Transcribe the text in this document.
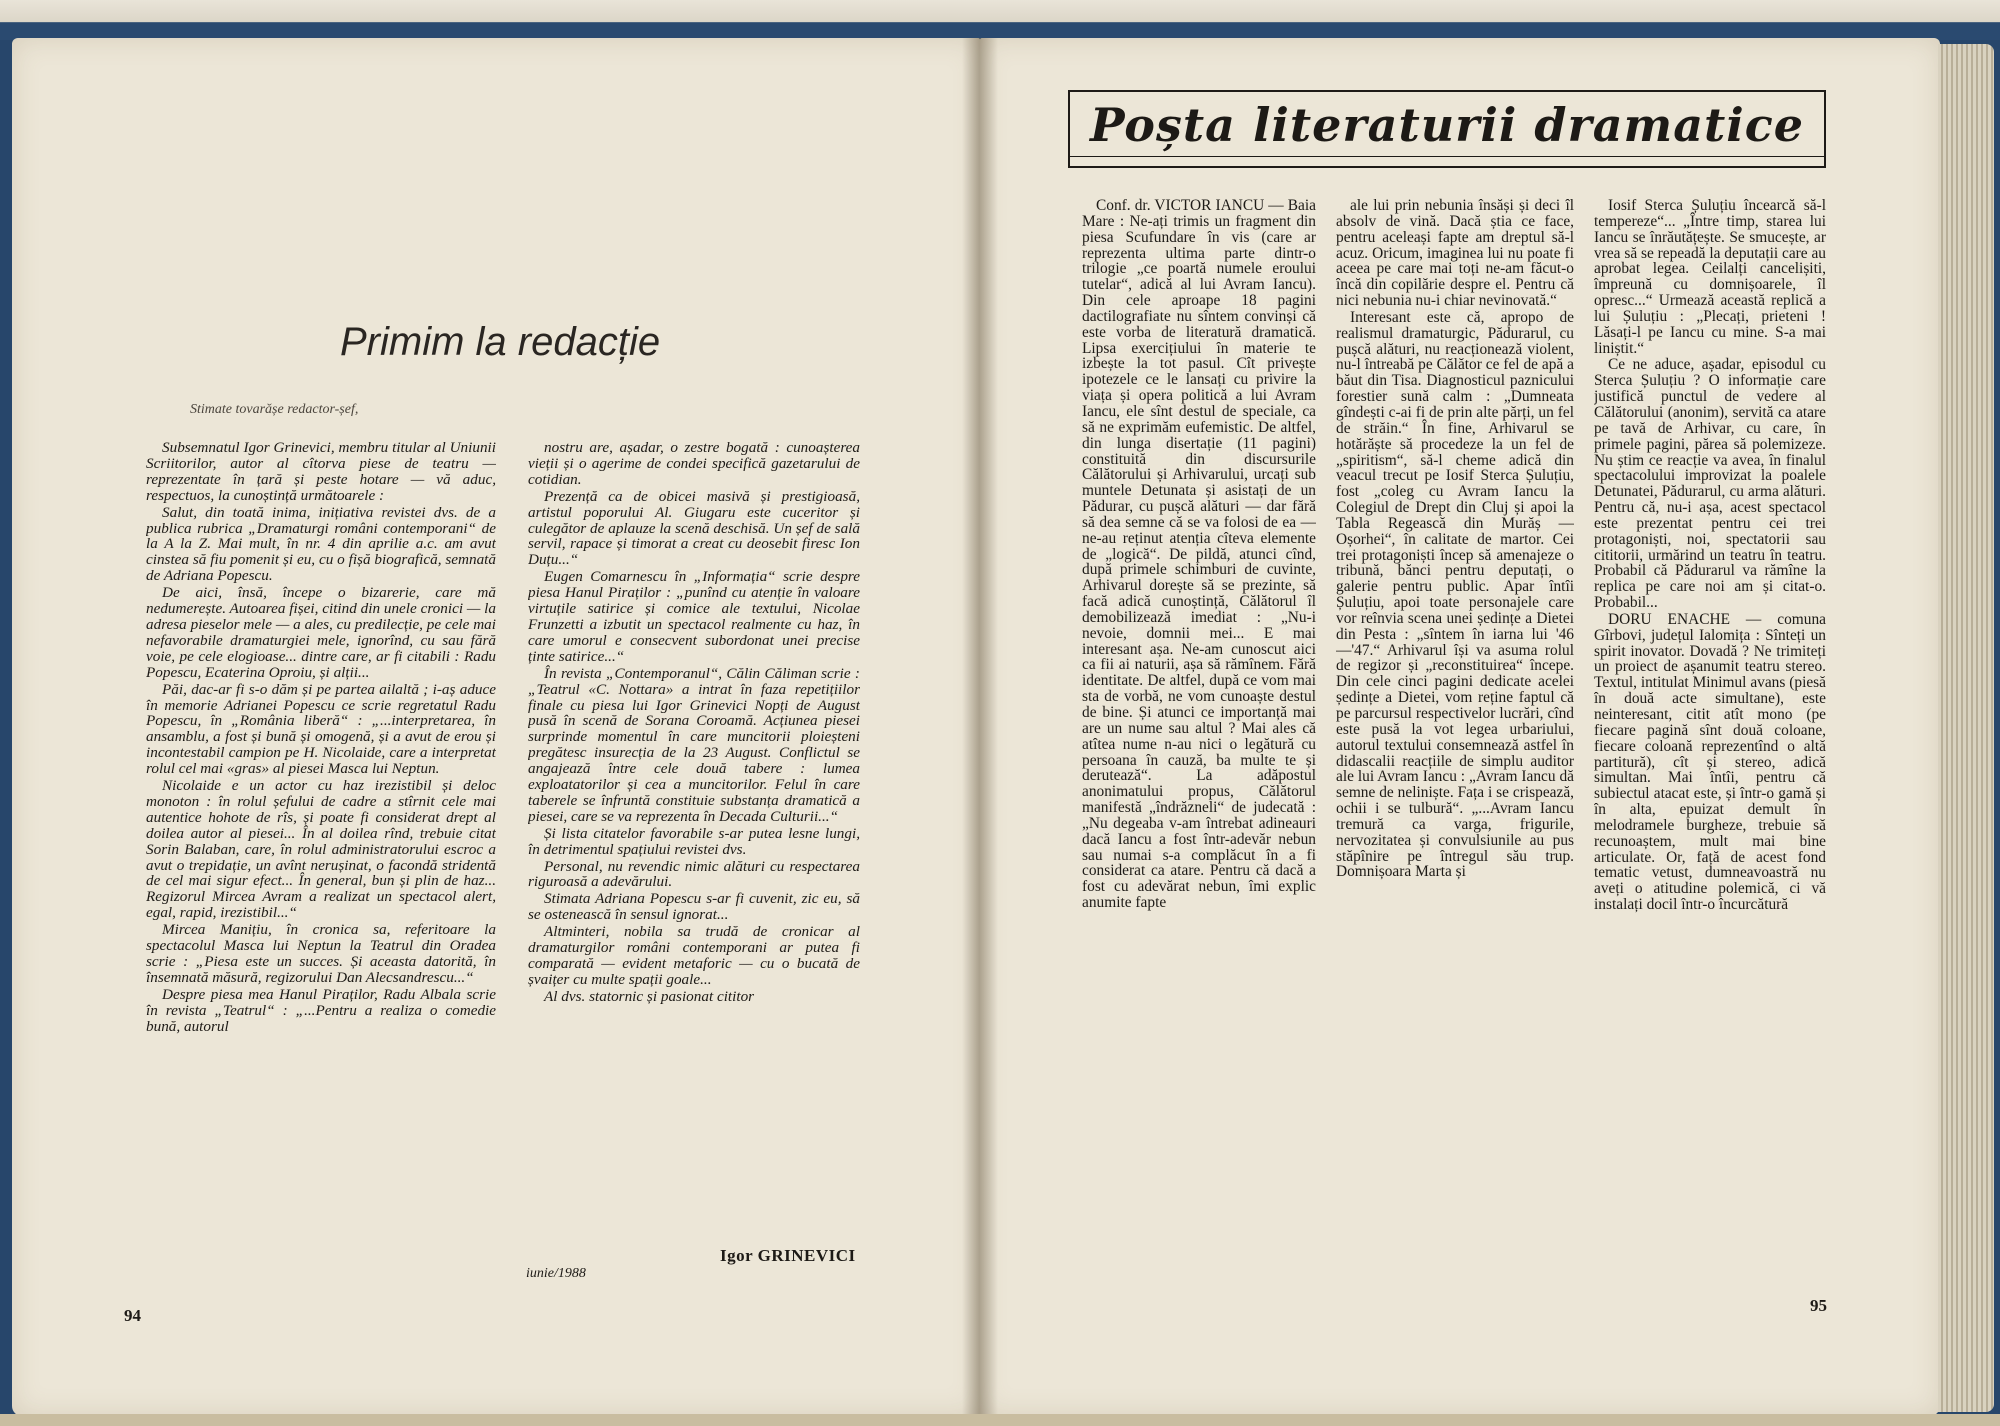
Primim la redacție
Stimate tovarășe redactor-șef,

Subsemnatul Igor Grinevici, membru titular al Uniunii Scriitorilor, autor al cîtorva piese de teatru — reprezentate în țară și peste hotare — vă aduc, respectuos, la cunoștință următoarele :

Salut, din toată inima, inițiativa revistei dvs. de a publica rubrica „Dramaturgi români contemporani“ de la A la Z. Mai mult, în nr. 4 din aprilie a.c. am avut cinstea să fiu pomenit și eu, cu o fișă biografică, semnată de Adriana Popescu.

De aici, însă, începe o bizarerie, care mă nedumerește. Autoarea fișei, citind din unele cronici — la adresa pieselor mele — a ales, cu predilecție, pe cele mai nefavorabile dramaturgiei mele, ignorînd, cu sau fără voie, pe cele elogioase... dintre care, ar fi citabili : Radu Popescu, Ecaterina Oproiu, și alții...

Păi, dac-ar fi s-o dăm și pe partea ailaltă ; i-aș aduce în memorie Adrianei Popescu ce scrie regretatul Radu Popescu, în „România liberă“ : „...interpretarea, în ansamblu, a fost și bună și omogenă, și a avut de erou și incontestabil campion pe H. Nicolaide, care a interpretat rolul cel mai «gras» al piesei Masca lui Neptun.

Nicolaide e un actor cu haz irezistibil și deloc monoton : în rolul șefului de cadre a stîrnit cele mai autentice hohote de rîs, și poate fi considerat drept al doilea autor al piesei... În al doilea rînd, trebuie citat Sorin Balaban, care, în rolul administratorului escroc a avut o trepidație, un avînt nerușinat, o facondă stridentă de cel mai sigur efect... În general, bun și plin de haz... Regizorul Mircea Avram a realizat un spectacol alert, egal, rapid, irezistibil...“

Mircea Manițiu, în cronica sa, referitoare la spectacolul Masca lui Neptun la Teatrul din Oradea scrie : „Piesa este un succes. Și aceasta datorită, în însemnată măsură, regizorului Dan Alecsandrescu...“

Despre piesa mea Hanul Piraților, Radu Albala scrie în revista „Teatrul“ : „...Pentru a realiza o comedie bună, autorul

nostru are, așadar, o zestre bogată : cunoașterea vieții și o agerime de condei specifică gazetarului de cotidian.

Prezență ca de obicei masivă și prestigioasă, artistul poporului Al. Giugaru este cuceritor și culegător de aplauze la scenă deschisă. Un șef de sală servil, rapace și timorat a creat cu deosebit firesc Ion Duțu...“

Eugen Comarnescu în „Informația“ scrie despre piesa Hanul Piraților : „punînd cu atenție în valoare virtuțile satirice și comice ale textului, Nicolae Frunzetti a izbutit un spectacol realmente cu haz, în care umorul e consecvent subordonat unei precise ținte satirice...“

În revista „Contemporanul“, Călin Căliman scrie : „Teatrul «C. Nottara» a intrat în faza repetițiilor finale cu piesa lui Igor Grinevici Nopți de August pusă în scenă de Sorana Coroamă. Acțiunea piesei surprinde momentul în care muncitorii ploieșteni pregătesc insurecția de la 23 August. Conflictul se angajează între cele două tabere : lumea exploatatorilor și cea a muncitorilor. Felul în care taberele se înfruntă constituie substanța dramatică a piesei, care se va reprezenta în Decada Culturii...“

Și lista citatelor favorabile s-ar putea lesne lungi, în detrimentul spațiului revistei dvs.

Personal, nu revendic nimic alături cu respectarea riguroasă a adevărului.

Stimata Adriana Popescu s-ar fi cuvenit, zic eu, să se ostenească în sensul ignorat...

Altminteri, nobila sa trudă de cronicar al dramaturgilor români contemporani ar putea fi comparată — evident metaforic — cu o bucată de șvaițer cu multe spații goale...

Al dvs. statornic și pasionat cititor

Igor GRINEVICI
iunie/1988
94
Poșta literaturii dramatice

Conf. dr. VICTOR IANCU — Baia Mare : Ne-ați trimis un fragment din piesa Scufundare în vis (care ar reprezenta ultima parte dintr-o trilogie „ce poartă numele eroului tutelar“, adică al lui Avram Iancu). Din cele aproape 18 pagini dactilografiate nu sîntem convinși că este vorba de literatură dramatică. Lipsa exercițiului în materie te izbește la tot pasul. Cît privește ipotezele ce le lansați cu privire la viața și opera politică a lui Avram Iancu, ele sînt destul de speciale, ca să ne exprimăm eufemistic. De altfel, din lunga disertație (11 pagini) constituită din discursurile Călătorului și Arhivarului, urcați sub muntele Detunata și asistați de un Pădurar, cu pușcă alături — dar fără să dea semne că se va folosi de ea — ne-au reținut atenția cîteva elemente de „logică“. De pildă, atunci cînd, după primele schimburi de cuvinte, Arhivarul dorește să se prezinte, să facă adică cunoștință, Călătorul îl demobilizează imediat : „Nu-i nevoie, domnii mei... E mai interesant așa. Ne-am cunoscut aici ca fii ai naturii, așa să rămînem. Fără identitate. De altfel, după ce vom mai sta de vorbă, ne vom cunoaște destul de bine. Și atunci ce importanță mai are un nume sau altul ? Mai ales că atîtea nume n-au nici o legătură cu persoana în cauză, ba multe te și derutează“. La adăpostul anonimatului propus, Călătorul manifestă „îndrăzneli“ de judecată : „Nu degeaba v-am întrebat adineauri dacă Iancu a fost într-adevăr nebun sau numai s-a complăcut în a fi considerat ca atare. Pentru că dacă a fost cu adevărat nebun, îmi explic anumite fapte

ale lui prin nebunia însăși și deci îl absolv de vină. Dacă știa ce face, pentru aceleași fapte am dreptul să-l acuz. Oricum, imaginea lui nu poate fi aceea pe care mai toți ne-am făcut-o încă din copilărie despre el. Pentru că nici nebunia nu-i chiar nevinovată.“

Interesant este că, apropo de realismul dramaturgic, Pădurarul, cu pușcă alături, nu reacționează violent, nu-l întreabă pe Călător ce fel de apă a băut din Tisa. Diagnosticul paznicului forestier sună calm : „Dumneata gîndești c-ai fi de prin alte părți, un fel de străin.“ În fine, Arhivarul se hotărăște să procedeze la un fel de „spiritism“, să-l cheme adică din veacul trecut pe Iosif Sterca Șuluțiu, fost „coleg cu Avram Iancu la Colegiul de Drept din Cluj și apoi la Tabla Regească din Murăș — Oșorhei“, în calitate de martor. Cei trei protagoniști încep să amenajeze o tribună, bănci pentru deputați, o galerie pentru public. Apar întîi Șuluțiu, apoi toate personajele care vor reînvia scena unei ședințe a Dietei din Pesta : „sîntem în iarna lui '46—'47.“ Arhivarul își va asuma rolul de regizor și „reconstituirea“ începe. Din cele cinci pagini dedicate acelei ședințe a Dietei, vom reține faptul că pe parcursul respectivelor lucrări, cînd este pusă la vot legea urbariului, autorul textului consemnează astfel în didascalii reacțiile de simplu auditor ale lui Avram Iancu : „Avram Iancu dă semne de neliniște. Fața i se crispează, ochii i se tulbură“. „...Avram Iancu tremură ca varga, frigurile, nervozitatea și convulsiunile au pus stăpînire pe întregul său trup. Domnișoara Marta și

Iosif Sterca Șuluțiu încearcă să-l tempereze“... „Între timp, starea lui Iancu se înrăutățește. Se smucește, ar vrea să se repeadă la deputații care au aprobat legea. Ceilalți cancelișiti, împreună cu domnișoarele, îl opresc...“ Urmează această replică a lui Șuluțiu : „Plecați, prieteni ! Lăsați-l pe Iancu cu mine. S-a mai liniștit.“

Ce ne aduce, așadar, episodul cu Sterca Șuluțiu ? O informație care justifică punctul de vedere al Călătorului (anonim), servită ca atare pe tavă de Arhivar, cu care, în primele pagini, părea să polemizeze. Nu știm ce reacție va avea, în finalul spectacolului improvizat la poalele Detunatei, Pădurarul, cu arma alături. Pentru că, nu-i așa, acest spectacol este prezentat pentru cei trei protagoniști, noi, spectatorii sau cititorii, urmărind un teatru în teatru. Probabil că Pădurarul va rămîne la replica pe care noi am și citat-o. Probabil...

DORU ENACHE — comuna Gîrbovi, județul Ialomița : Sînteți un spirit inovator. Dovadă ? Ne trimiteți un proiect de așanumit teatru stereo. Textul, intitulat Minimul avans (piesă în două acte simultane), este neinteresant, citit atît mono (pe fiecare pagină sînt două coloane, fiecare coloană reprezentînd o altă partitură), cît și stereo, adică simultan. Mai întîi, pentru că subiectul atacat este, și într-o gamă și în alta, epuizat demult în melodramele burgheze, trebuie să recunoaștem, mult mai bine articulate. Or, față de acest fond tematic vetust, dumneavoastră nu aveți o atitudine polemică, ci vă instalați docil într-o încurcătură

95
